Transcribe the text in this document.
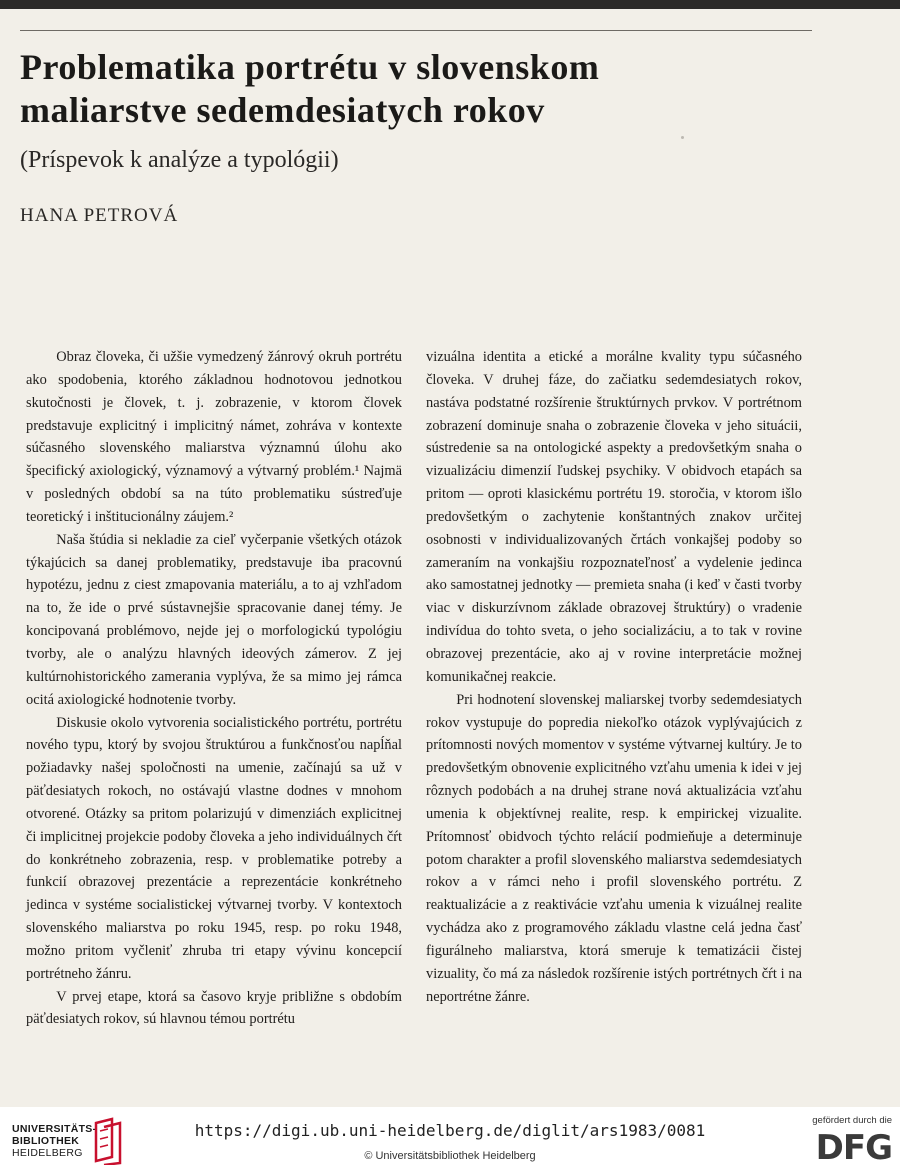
Problematika portrétu v slovenskom
maliarstve sedemdesiatych rokov
(Príspevok k analýze a typológii)
HANA PETROVÁ

Obraz človeka, či užšie vymedzený žánrový okruh portrétu ako spodobenia, ktorého základnou hodnotovou jednotkou skutočnosti je človek, t. j. zobrazenie, v ktorom človek predstavuje explicitný i implicitný námet, zohráva v kontexte súčasného slovenského maliarstva významnú úlohu ako špecifický axiologický, významový a výtvarný problém.¹ Najmä v posledných období sa na túto problematiku sústreďuje teoretický i inštitucionálny záujem.²

Naša štúdia si nekladie za cieľ vyčerpanie všetkých otázok týkajúcich sa danej problematiky, predstavuje iba pracovnú hypotézu, jednu z ciest zmapovania materiálu, a to aj vzhľadom na to, že ide o prvé sústavnejšie spracovanie danej témy. Je koncipovaná problémovo, nejde jej o morfologickú typológiu tvorby, ale o analýzu hlavných ideových zámerov. Z jej kultúrnohistorického zamerania vyplýva, že sa mimo jej rámca ocitá axiologické hodnotenie tvorby.

Diskusie okolo vytvorenia socialistického portrétu, portrétu nového typu, ktorý by svojou štruktúrou a funkčnosťou napĺňal požiadavky našej spoločnosti na umenie, začínajú sa už v päťdesiatych rokoch, no ostávajú vlastne dodnes v mnohom otvorené. Otázky sa pritom polarizujú v dimenziách explicitnej či implicitnej projekcie podoby človeka a jeho individuálnych čŕt do konkrétneho zobrazenia, resp. v problematike potreby a funkcií obrazovej prezentácie a reprezentácie konkrétneho jedinca v systéme socialistickej výtvarnej tvorby. V kontextoch slovenského maliarstva po roku 1945, resp. po roku 1948, možno pritom vyčleniť zhruba tri etapy vývinu koncepcií portrétneho žánru.

V prvej etape, ktorá sa časovo kryje približne s obdobím päťdesiatych rokov, sú hlavnou témou portrétu

vizuálna identita a etické a morálne kvality typu súčasného človeka. V druhej fáze, do začiatku sedemdesiatych rokov, nastáva podstatné rozšírenie štruktúrnych prvkov. V portrétnom zobrazení dominuje snaha o zobrazenie človeka v jeho situácii, sústredenie sa na ontologické aspekty a predovšetkým snaha o vizualizáciu dimenzií ľudskej psychiky. V obidvoch etapách sa pritom — oproti klasickému portrétu 19. storočia, v ktorom išlo predovšetkým o zachytenie konštantných znakov určitej osobnosti v individualizovaných črtách vonkajšej podoby so zameraním na vonkajšiu rozpoznateľnosť a vydelenie jedinca ako samostatnej jednotky — premieta snaha (i keď v časti tvorby viac v diskurzívnom základe obrazovej štruktúry) o vradenie indivídua do tohto sveta, o jeho socializáciu, a to tak v rovine obrazovej prezentácie, ako aj v rovine interpretácie možnej komunikačnej reakcie.

Pri hodnotení slovenskej maliarskej tvorby sedemdesiatych rokov vystupuje do popredia niekoľko otázok vyplývajúcich z prítomnosti nových momentov v systéme výtvarnej kultúry. Je to predovšetkým obnovenie explicitného vzťahu umenia k idei v jej rôznych podobách a na druhej strane nová aktualizácia vzťahu umenia k objektívnej realite, resp. k empirickej vizualite. Prítomnosť obidvoch týchto relácií podmieňuje a determinuje potom charakter a profil slovenského maliarstva sedemdesiatych rokov a v rámci neho i profil slovenského portrétu. Z reaktualizácie a z reaktivácie vzťahu umenia k vizuálnej realite vychádza ako z programového základu vlastne celá jedna časť figurálneho maliarstva, ktorá smeruje k tematizácii čistej vizuality, čo má za následok rozšírenie istých portrétnych čŕt i na neportrétne žánre.

UNIVERSITÄTS-
BIBLIOTHEK
HEIDELBERG
https://digi.ub.uni-heidelberg.de/diglit/ars1983/0081
© Universitätsbibliothek Heidelberg
gefördert durch die
DFG
